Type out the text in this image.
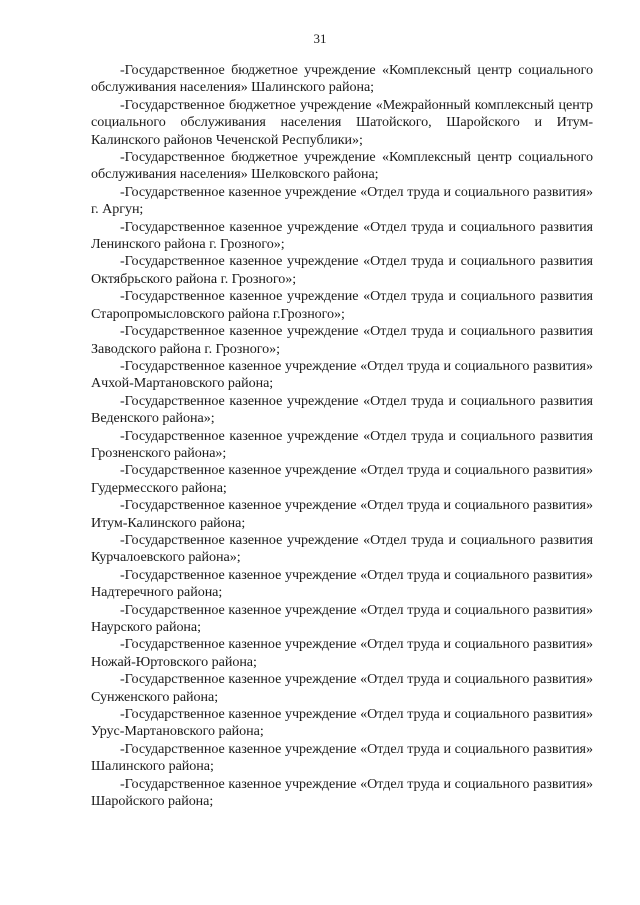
31

-Государственное бюджетное учреждение «Комплексный центр социального обслуживания населения» Шалинского района;

-Государственное бюджетное учреждение «Межрайонный комплексный центр социального обслуживания населения Шатойского, Шаройского и Итум-Калинского районов Чеченской Республики»;

-Государственное бюджетное учреждение «Комплексный центр социального обслуживания населения» Шелковского района;

-Государственное казенное учреждение «Отдел труда и социального развития» г. Аргун;

-Государственное казенное учреждение «Отдел труда и социального развития Ленинского района г. Грозного»;

-Государственное казенное учреждение «Отдел труда и социального развития Октябрьского района г. Грозного»;

-Государственное казенное учреждение «Отдел труда и социального развития Старопромысловского района г.Грозного»;

-Государственное казенное учреждение «Отдел труда и социального развития Заводского района г. Грозного»;

-Государственное казенное учреждение «Отдел труда и социального развития» Ачхой-Мартановского района;

-Государственное казенное учреждение «Отдел труда и социального развития Веденского района»;

-Государственное казенное учреждение «Отдел труда и социального развития Грозненского района»;

-Государственное казенное учреждение «Отдел труда и социального развития» Гудермесского района;

-Государственное казенное учреждение «Отдел труда и социального развития» Итум-Калинского района;

-Государственное казенное учреждение «Отдел труда и социального развития Курчалоевского района»;

-Государственное казенное учреждение «Отдел труда и социального развития» Надтеречного района;

-Государственное казенное учреждение «Отдел труда и социального развития» Наурского района;

-Государственное казенное учреждение «Отдел труда и социального развития» Ножай-Юртовского района;

-Государственное казенное учреждение «Отдел труда и социального развития» Сунженского района;

-Государственное казенное учреждение «Отдел труда и социального развития» Урус-Мартановского района;

-Государственное казенное учреждение «Отдел труда и социального развития» Шалинского района;

-Государственное казенное учреждение «Отдел труда и социального развития» Шаройского района;
